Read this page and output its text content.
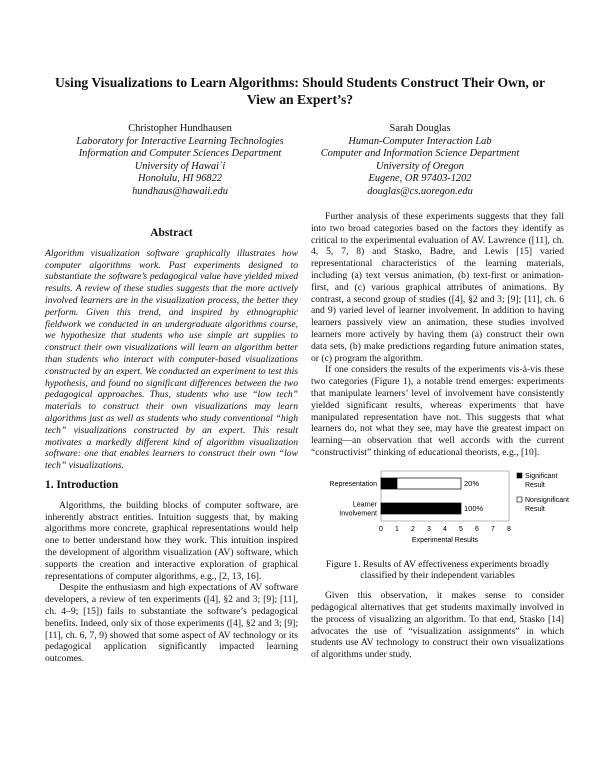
Using Visualizations to Learn Algorithms: Should Students Construct Their Own, or View an Expert’s?
Christopher Hundhausen
Laboratory for Interactive Learning Technologies
Information and Computer Sciences Department
University of Hawai`i
Honolulu, HI 96822
hundhaus@hawaii.edu
Sarah Douglas
Human-Computer Interaction Lab
Computer and Information Science Department
University of Oregon
Eugene, OR 97403-1202
douglas@cs.uoregon.edu
Abstract

Algorithm visualization software graphically illustrates how computer algorithms work. Past experiments designed to substantiate the software’s pedagogical value have yielded mixed results. A review of these studies suggests that the more actively involved learners are in the visualization process, the better they perform. Given this trend, and inspired by ethnographic fieldwork we conducted in an undergraduate algorithms course, we hypothesize that students who use simple art supplies to construct their own visualizations will learn an algorithm better than students who interact with computer-based visualizations constructed by an expert. We conducted an experiment to test this hypothesis, and found no significant differences between the two pedagogical approaches. Thus, students who use “low tech” materials to construct their own visualizations may learn algorithms just as well as students who study conventional “high tech” visualizations constructed by an expert. This result motivates a markedly different kind of algorithm visualization software: one that enables learners to construct their own “low tech” visualizations.

1. Introduction

Algorithms, the building blocks of computer software, are inherently abstract entities. Intuition suggests that, by making algorithms more concrete, graphical representations would help one to better understand how they work. This intuition inspired the development of algorithm visualization (AV) software, which supports the creation and interactive exploration of graphical representations of computer algorithms, e.g., [2, 13, 16].

Despite the enthusiasm and high expectations of AV software developers, a review of ten experiments ([4], §2 and 3; [9]; [11], ch. 4–9; [15]) fails to substantiate the software’s pedagogical benefits. Indeed, only six of those experiments ([4], §2 and 3; [9]; [11], ch. 6, 7, 9) showed that some aspect of AV technology or its pedagogical application significantly impacted learning outcomes.

Further analysis of these experiments suggests that they fall into two broad categories based on the factors they identify as critical to the experimental evaluation of AV. Lawrence ([11], ch. 4, 5, 7, 8) and Stasko, Badre, and Lewis [15] varied representational characteristics of the learning materials, including (a) text versus animation, (b) text-first or animation-first, and (c) various graphical attributes of animations. By contrast, a second group of studies ([4], §2 and 3; [9]; [11], ch. 6 and 9) varied level of learner involvement. In addition to having learners passively view an animation, these studies involved learners more actively by having them (a) construct their own data sets, (b) make predictions regarding future animation states, or (c) program the algorithm.

If one considers the results of the experiments vis-à-vis these two categories (Figure 1), a notable trend emerges: experiments that manipulate learners’ level of involvement have consistently yielded significant results, whereas experiments that have manipulated representation have not. This suggests that what learners do, not what they see, may have the greatest impact on learning—an observation that well accords with the current “constructivist” thinking of educational theorists, e.g., [10].

Representation	20%
Learner
Involvement
100%
0 1 2 3 4 5 6 7 8
Experimental Results
Significant
Result
Nonsignificant
Result
Figure 1. Results of AV effectiveness experiments broadly classified by their independent variables

Given this observation, it makes sense to consider pedagogical alternatives that get students maximally involved in the process of visualizing an algorithm. To that end, Stasko [14] advocates the use of “visualization assignments” in which students use AV technology to construct their own visualizations of algorithms under study.
